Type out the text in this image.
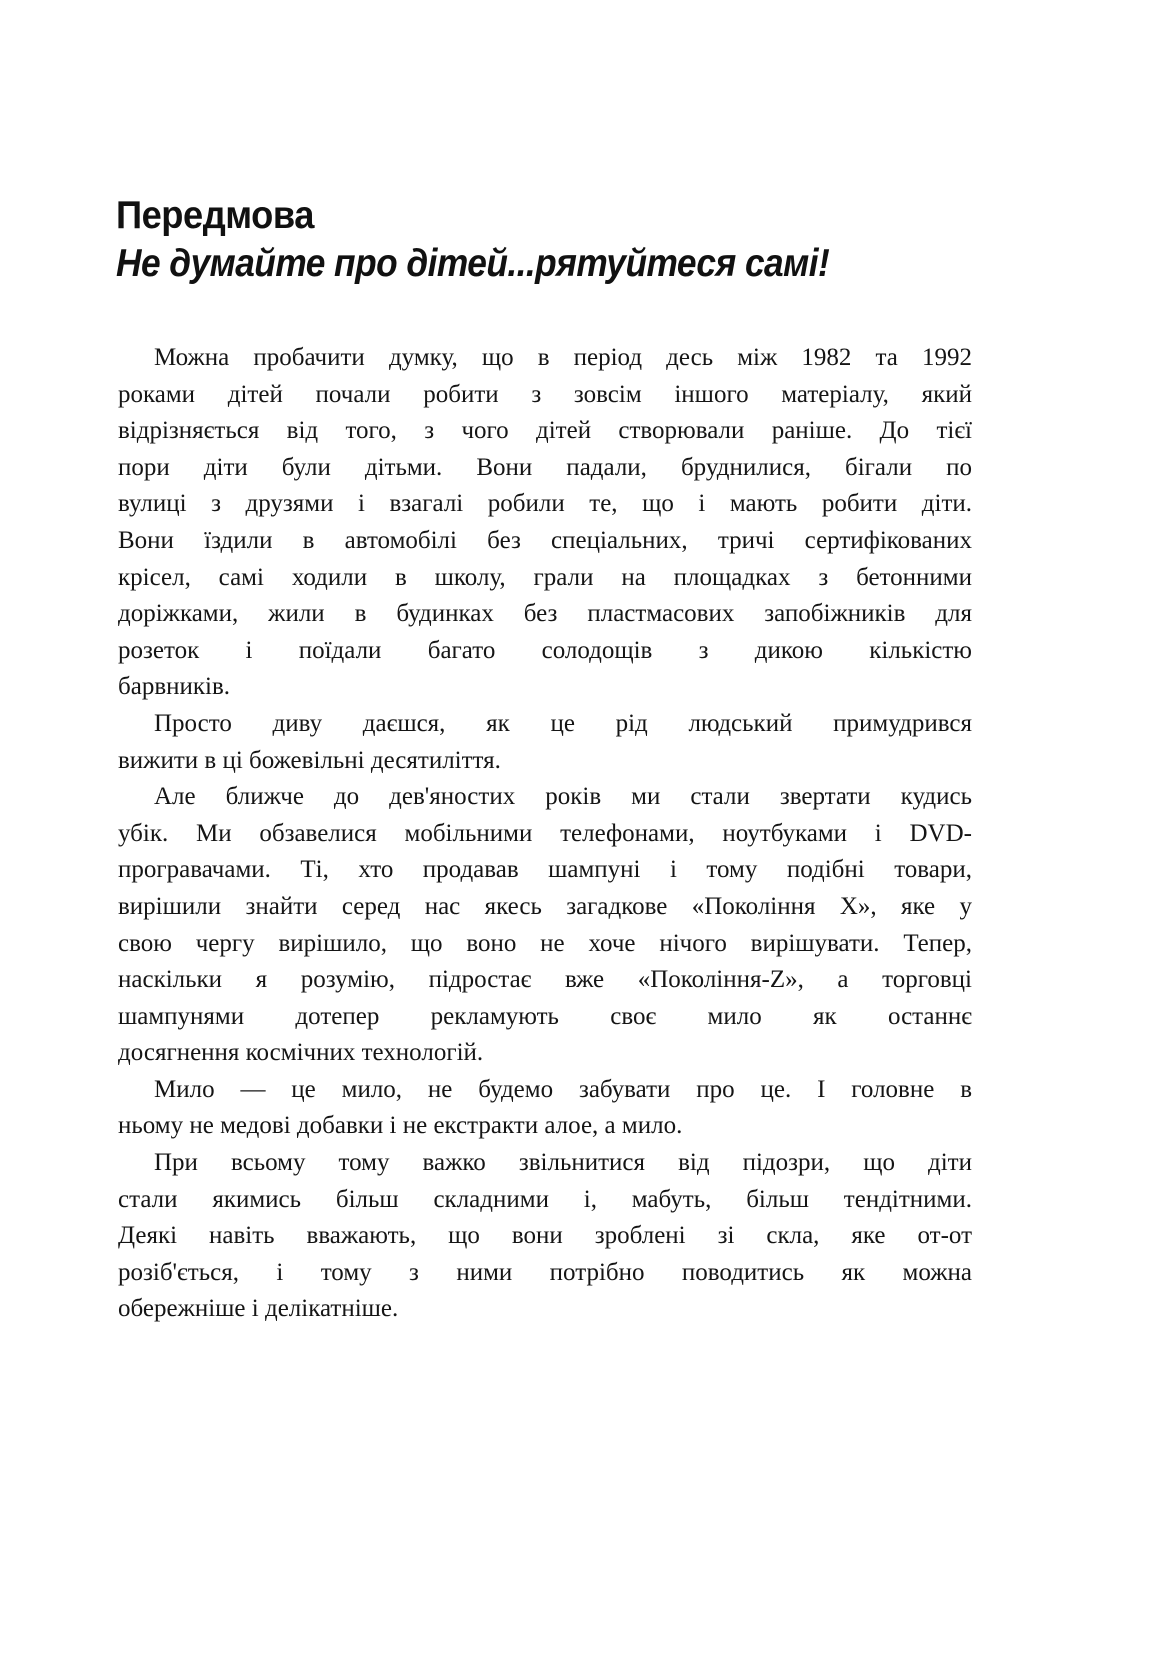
Передмова
Не думайте про дітей...рятуйтеся самі!
Можна пробачити думку, що в період десь між 1982 та 1992
роками дітей почали робити з зовсім іншого матеріалу, який
відрізняється від того, з чого дітей створювали раніше. До тієї
пори діти були дітьми. Вони падали, бруднилися, бігали по
вулиці з друзями і взагалі робили те, що і мають робити діти.
Вони їздили в автомобілі без спеціальних, тричі сертифікованих
крісел, самі ходили в школу, грали на площадках з бетонними
доріжками, жили в будинках без пластмасових запобіжників для
розеток і поїдали багато солодощів з дикою кількістю
барвників.
Просто диву даєшся, як це рід людський примудрився
вижити в ці божевільні десятиліття.
Але ближче до дев'яностих років ми стали звертати кудись
убік. Ми обзавелися мобільними телефонами, ноутбуками і DVD-
програвачами. Ті, хто продавав шампуні і тому подібні товари,
вирішили знайти серед нас якесь загадкове «Покоління Х», яке у
свою чергу вирішило, що воно не хоче нічого вирішувати. Тепер,
наскільки я розумію, підростає вже «Покоління-Z», а торговці
шампунями дотепер рекламують своє мило як останнє
досягнення космічних технологій.
Мило — це мило, не будемо забувати про це. І головне в
ньому не медові добавки і не екстракти алое, а мило.
При всьому тому важко звільнитися від підозри, що діти
стали якимись більш складними і, мабуть, більш тендітними.
Деякі навіть вважають, що вони зроблені зі скла, яке от-от
розіб'ється, і тому з ними потрібно поводитись як можна
обережніше і делікатніше.
